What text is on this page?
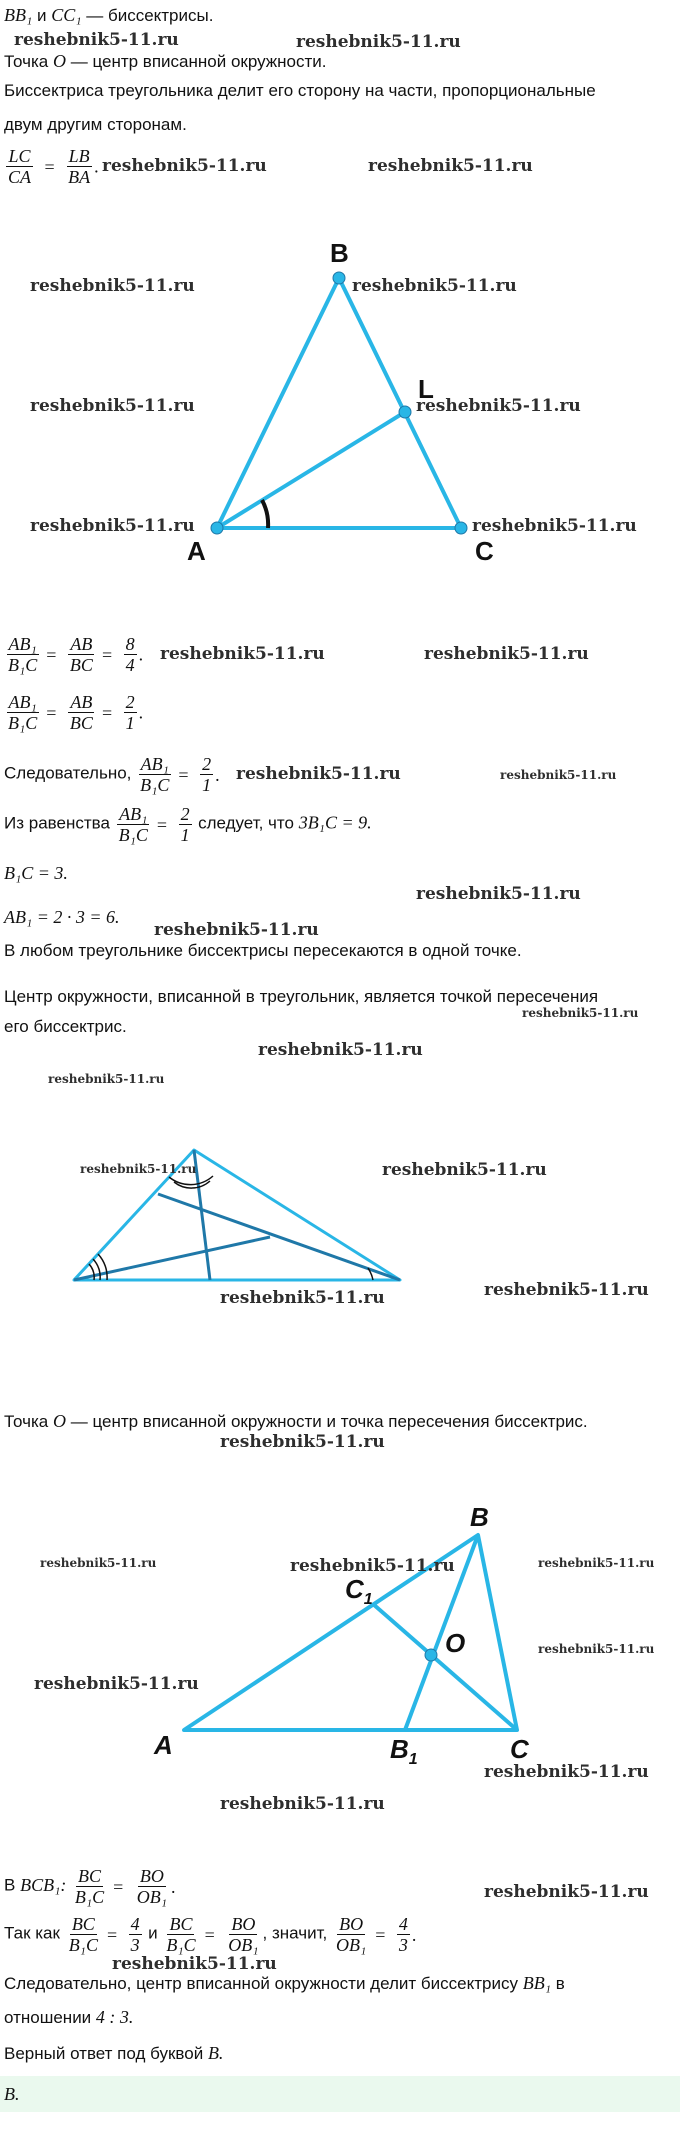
BB₁ и CC₁ — биссектрисы.
Точка O — центр вписанной окружности.
Биссектриса треугольника делит его сторону на части, пропорциональные
двум другим сторонам.
$\frac{LC}{CA} = \frac{LB}{BA}$ .
A
B
C
L
$\frac{\text{AB₁}}{\text{B₁C}} = \frac{AB}{BC} = \frac{8}{4}$ .
$\frac{\text{AB₁}}{\text{B₁C}} = \frac{AB}{BC} = \frac{2}{1}$ .
Следовательно, $\frac{\text{AB₁}}{\text{B₁C}} = \frac{2}{1}$ .
Из равенства $\frac{\text{AB₁}}{\text{B₁C}} = \frac{2}{1}$ следует, что 3B₁C = 9.
B₁C = 3.
AB₁ = 2 · 3 = 6.
В любом треугольнике биссектрисы пересекаются в одной точке.
Центр окружности, вписанной в треугольник, является точкой пересечения
его биссектрис.
Точка O — центр вписанной окружности и точка пересечения биссектрис.
B
A	C
$C_1$
$B_1$
O
В BCB₁: $\frac{BC}{\text{B₁C}} = \frac{BO}{\text{OB₁}}$ .
Так как $\frac{BC}{\text{B₁C}} = \frac{4}{3}$ и $\frac{BC}{\text{B₁C}} = \frac{BO}{\text{OB₁}}$ , значит, $\frac{BO}{\text{OB₁}} = \frac{4}{3}$ .
Следовательно, центр вписанной окружности делит биссектрису BB₁ в
отношении 4 : 3.
Верный ответ под буквой B.
B.
reshebnik5-11.ru	reshebnik5-11.ru
reshebnik5-11.ru	reshebnik5-11.ru
reshebnik5-11.ru	reshebnik5-11.ru
reshebnik5-11.ru	reshebnik5-11.ru
reshebnik5-11.ru	reshebnik5-11.ru
reshebnik5-11.ru	reshebnik5-11.ru
reshebnik5-11.ru	reshebnik5-11.ru
reshebnik5-11.ru
reshebnik5-11.ru
reshebnik5-11.ru
reshebnik5-11.ru
reshebnik5-11.ru
reshebnik5-11.ru	reshebnik5-11.ru
reshebnik5-11.ru
reshebnik5-11.ru
reshebnik5-11.ru
reshebnik5-11.ru	reshebnik5-11.ru	reshebnik5-11.ru
reshebnik5-11.ru
reshebnik5-11.ru
reshebnik5-11.ru
reshebnik5-11.ru
reshebnik5-11.ru
reshebnik5-11.ru
